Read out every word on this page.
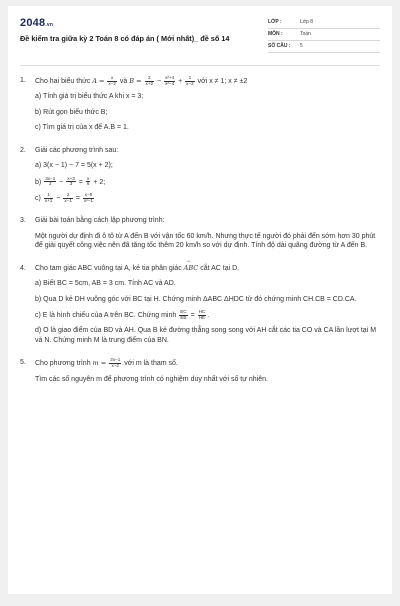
2048.vn
Đề kiểm tra giữa kỳ 2 Toán 8 có đáp án ( Mới nhất)_ đề số 14
LỚP :	Lớp 8
MÔN :	Toán
SỐ CÂU :	5
1.	Cho hai biểu thức $A = \frac{x}{x-2}$ và $B = \frac{2}{x+2} - \frac{\text{x²+4}}{\text{x²−4}} + \frac{1}{x-2}$ với x ≠ 1; x ≠ ±2
a) Tính giá trị biểu thức A khi x = 3;
b) Rút gọn biểu thức B;
c) Tìm giá trị của x để A.B = 1.
2.	Giải các phương trình sau:
a) 3(x − 1) − 7 = 5(x + 2);
$b) \frac{3x-1}{2} - \frac{x+3}{3} = \frac{x}{6} + 2$;
$c) \frac{1}{x+1} - \frac{2}{x-1} = \frac{x-5}{\text{x²−1}}$
3.	Giải bài toán bằng cách lập phương trình:
Một người dự định đi ô tô từ A đến B với vận tốc 60 km/h. Nhưng thực tế người đó phải đến sớm hơn 30 phút để giải quyết công việc nên đã tăng tốc thêm 20 km/h so với dự định. Tính độ dài quãng đường từ A đến B.
4.	Cho tam giác ABC vuông tại A, kẻ tia phân giác ^ ABC cắt AC tại D.
a) Biết BC = 5cm, AB = 3 cm. Tính AC và AD.
b) Qua D kẻ DH vuông góc với BC tại H. Chứng minh ΔABC ΔHDC từ đó chứng minh CH.CB = CD.CA.
c) E là hình chiếu của A trên BC. Chứng minh $\frac{EC}{EB} = \frac{HC}{HE}$ .
d) O là giao điểm của BD và AH. Qua B kẻ đường thẳng song song với AH cắt các tia CO và CA lần lượt tại M và N. Chứng minh M là trung điểm của BN.
5.	Cho phương trình $m = \frac{2x-1}{x-2}$ với m là tham số.
Tìm các số nguyên m để phương trình có nghiệm duy nhất với số tự nhiên.
